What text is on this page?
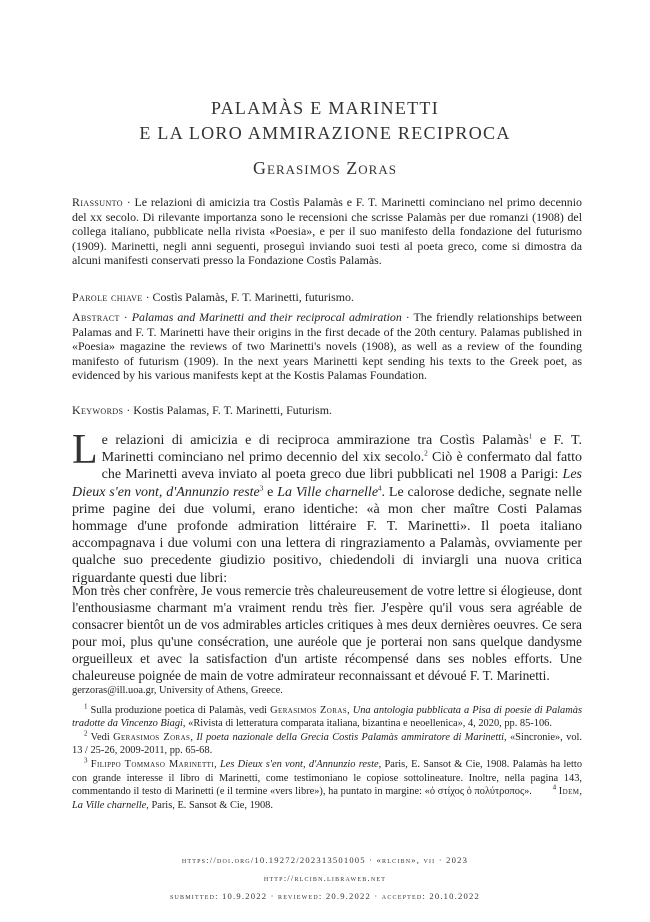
PALAMÀS E MARINETTI
E LA LORO AMMIRAZIONE RECIPROCA
Gerasimos Zoras
Riassunto · Le relazioni di amicizia tra Costìs Palamàs e F. T. Marinetti cominciano nel primo decennio del xx secolo. Di rilevante importanza sono le recensioni che scrisse Palamàs per due romanzi (1908) del collega italiano, pubblicate nella rivista «Poesia», e per il suo manifesto della fondazione del futurismo (1909). Marinetti, negli anni seguenti, proseguì inviando suoi testi al poeta greco, come si dimostra da alcuni manifesti conservati presso la Fondazione Costìs Palamàs.
Parole chiave · Costìs Palamàs, F. T. Marinetti, futurismo.
Abstract · Palamas and Marinetti and their reciprocal admiration · The friendly relationships between Palamas and F. T. Marinetti have their origins in the first decade of the 20th century. Palamas published in «Poesia» magazine the reviews of two Marinetti's novels (1908), as well as a review of the founding manifesto of futurism (1909). In the next years Marinetti kept sending his texts to the Greek poet, as evidenced by his various manifests kept at the Kostis Palamas Foundation.
Keywords · Kostis Palamas, F. T. Marinetti, Futurism.
Le relazioni di amicizia e di reciproca ammirazione tra Costìs Palamàs$^1$ e F. T. Marinetti cominciano nel primo decennio del xix secolo.$^2$ Ciò è confermato dal fatto che Marinetti aveva inviato al poeta greco due libri pubblicati nel 1908 a Parigi: Les Dieux s'en vont, d'Annunzio reste$^3$ e La Ville charnelle$^4$. Le calorose dediche, segnate nelle prime pagine dei due volumi, erano identiche: «à mon cher maître Costi Palamas hommage d'une profonde admiration littéraire F. T. Marinetti». Il poeta italiano accompagnava i due volumi con una lettera di ringraziamento a Palamàs, ovviamente per qualche suo precedente giudizio positivo, chiedendoli di inviargli una nuova critica riguardante questi due libri:
Mon très cher confrère, Je vous remercie très chaleureusement de votre lettre si élogieuse, dont l'enthousiasme charmant m'a vraiment rendu très fier. J'espère qu'il vous sera agréable de consacrer bientôt un de vos admirables articles critiques à mes deux dernières oeuvres. Ce sera pour moi, plus qu'une consécration, une auréole que je porterai non sans quelque dandysme orgueilleux et avec la satisfaction d'un artiste récompensé dans ses nobles efforts. Une chaleureuse poignée de main de votre admirateur reconnaissant et dévoué F. T. Marinetti.

gerzoras@ill.uoa.gr, University of Athens, Greece.

$^1$ Sulla produzione poetica di Palamàs, vedi Gerasimos Zoras, Una antologia pubblicata a Pisa di poesie di Palamàs tradotte da Vincenzo Biagi, «Rivista di letteratura comparata italiana, bizantina e neoellenica», 4, 2020, pp. 85-106.

$^2$ Vedi Gerasimos Zoras, Il poeta nazionale della Grecia Costìs Palamàs ammiratore di Marinetti, «Sincronie», vol. 13 / 25-26, 2009-2011, pp. 65-68.

$^3$ Filippo Tommaso Marinetti, Les Dieux s'en vont, d'Annunzio reste, Paris, E. Sansot & Cie, 1908. Palamàs ha letto con grande interesse il libro di Marinetti, come testimoniano le copiose sottolineature. Inoltre, nella pagina 143, commentando il testo di Marinetti (e il termine «vers libre»), ha puntato in margine: «ὁ στίχος ὁ πολύτροπος».	$^4$ Idem, La Ville charnelle, Paris, E. Sansot & Cie, 1908.

https://doi.org/10.19272/202313501005 · «rlcibn», vii · 2023
http://rlcibn.libraweb.net
submitted: 10.9.2022 · reviewed: 20.9.2022 · accepted: 20.10.2022
